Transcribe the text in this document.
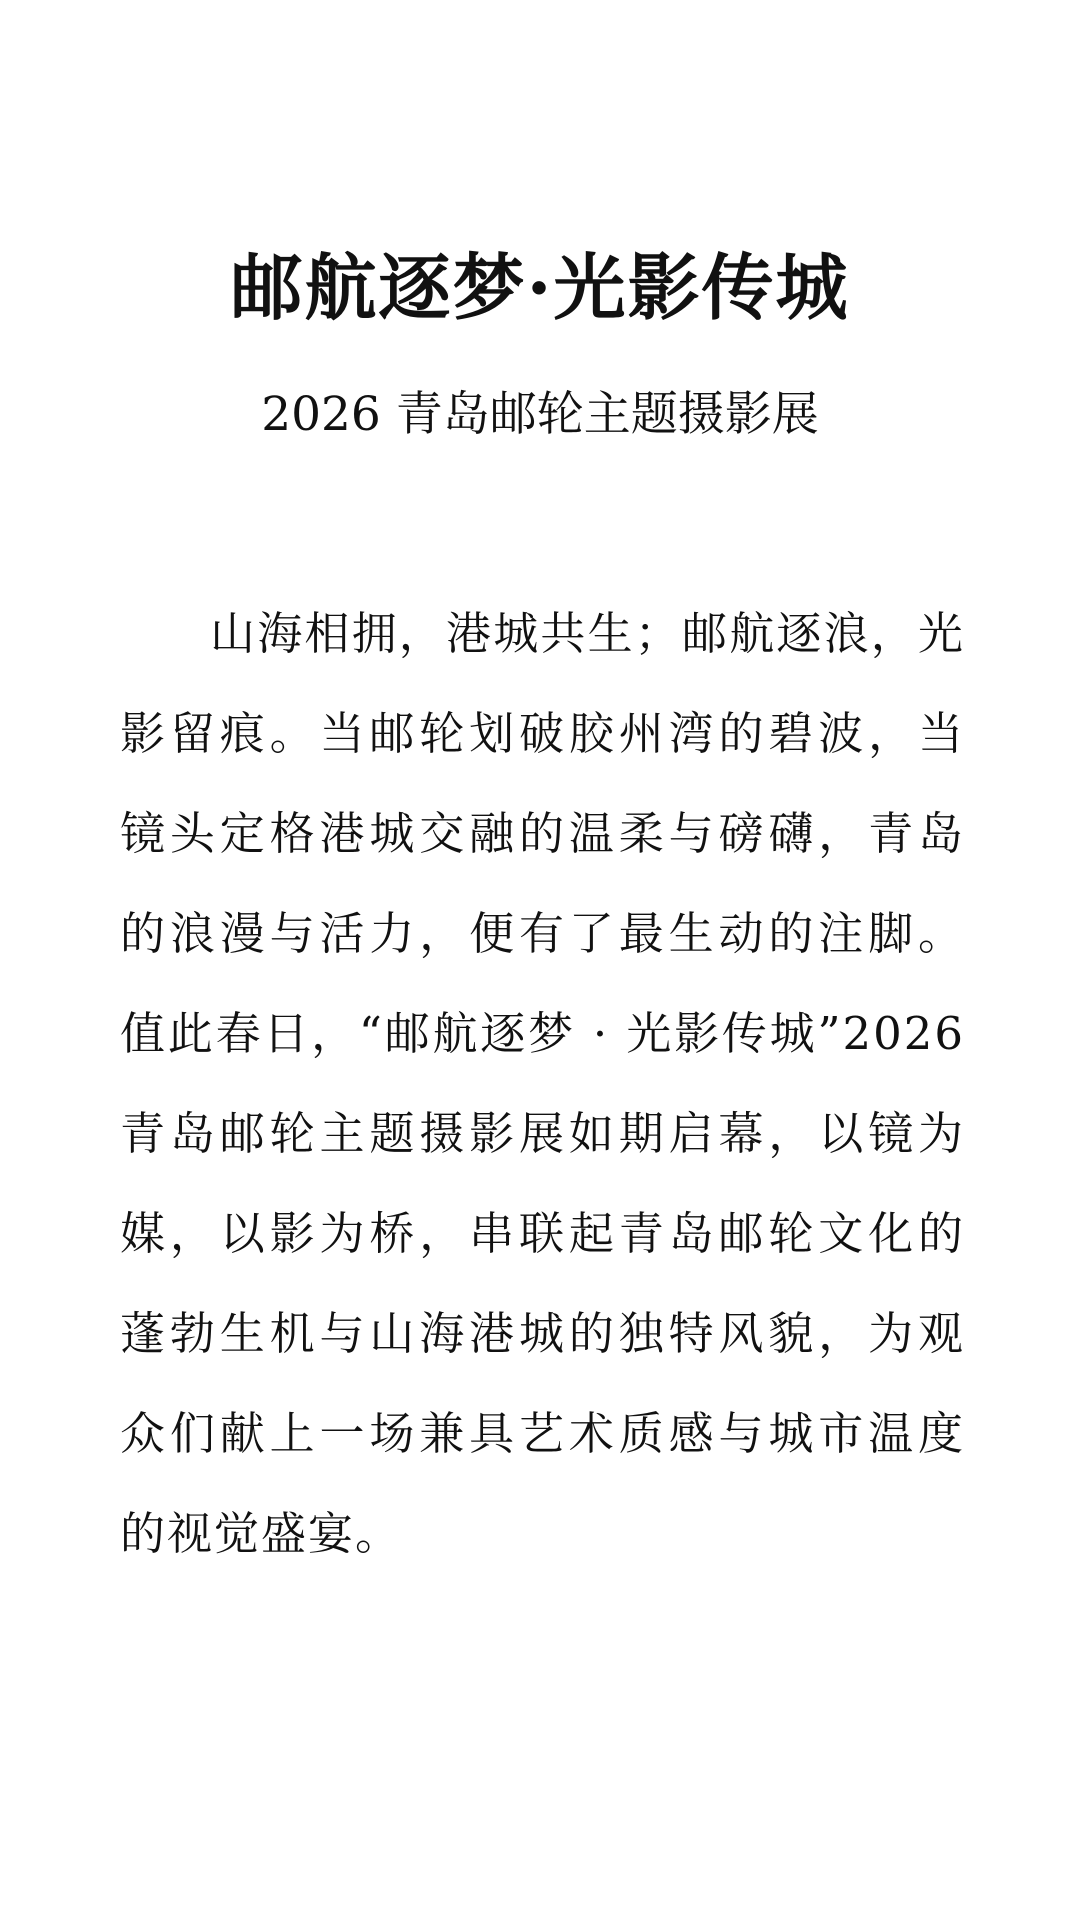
邮航逐梦·光影传城
2026 青岛邮轮主题摄影展

山海相拥，港城共生；邮航逐浪，光影留痕。当邮轮划破胶州湾的碧波，当镜头定格港城交融的温柔与磅礴，青岛的浪漫与活力，便有了最生动的注脚。值此春日，“邮航逐梦 · 光影传城”2026青岛邮轮主题摄影展如期启幕，以镜为媒，以影为桥，串联起青岛邮轮文化的蓬勃生机与山海港城的独特风貌，为观众们献上一场兼具艺术质感与城市温度的视觉盛宴。
